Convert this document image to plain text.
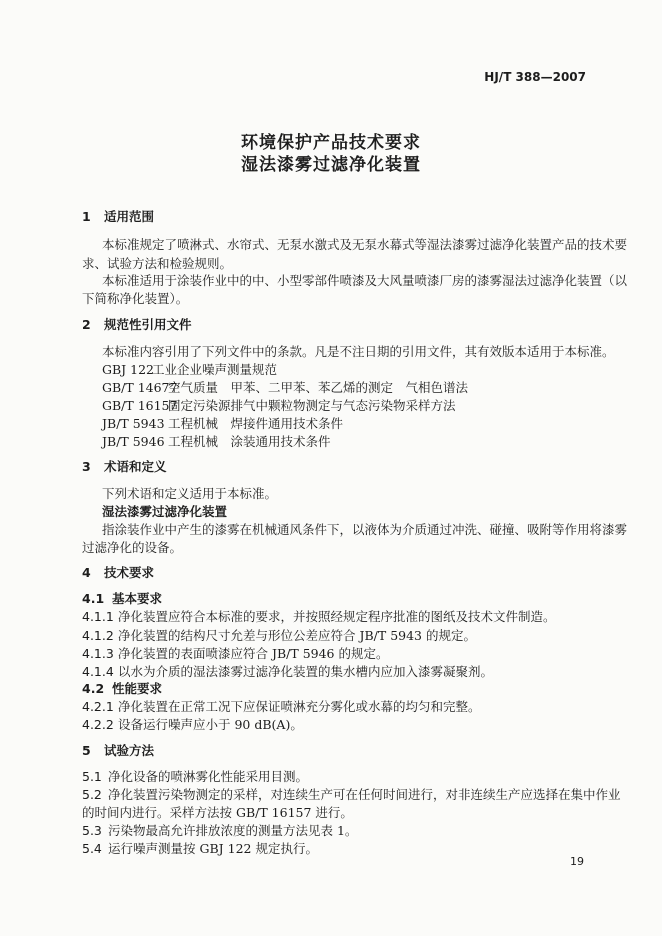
HJ/T 388—2007
环境保护产品技术要求
湿法漆雾过滤净化装置
1 适用范围
本标准规定了喷淋式、水帘式、无泵水激式及无泵水幕式等湿法漆雾过滤净化装置产品的技术要
求、试验方法和检验规则。
本标准适用于涂装作业中的中、小型零部件喷漆及大风量喷漆厂房的漆雾湿法过滤净化装置（以
下简称净化装置）。
2 规范性引用文件
本标准内容引用了下列文件中的条款。凡是不注日期的引用文件，其有效版本适用于本标准。
GBJ 122工业企业噪声测量规范
GB/T 14677空气质量　甲苯、二甲苯、苯乙烯的测定　气相色谱法
GB/T 16157固定污染源排气中颗粒物测定与气态污染物采样方法
JB/T 5943 工程机械　焊接件通用技术条件
JB/T 5946 工程机械　涂装通用技术条件
3 术语和定义
下列术语和定义适用于本标准。
湿法漆雾过滤净化装置
指涂装作业中产生的漆雾在机械通风条件下，以液体为介质通过冲洗、碰撞、吸附等作用将漆雾
过滤净化的设备。
4 技术要求
4.1 基本要求
4.1.1 净化装置应符合本标准的要求，并按照经规定程序批准的图纸及技术文件制造。
4.1.2 净化装置的结构尺寸允差与形位公差应符合 JB/T 5943 的规定。
4.1.3 净化装置的表面喷漆应符合 JB/T 5946 的规定。
4.1.4 以水为介质的湿法漆雾过滤净化装置的集水槽内应加入漆雾凝聚剂。
4.2 性能要求
4.2.1 净化装置在正常工况下应保证喷淋充分雾化或水幕的均匀和完整。
4.2.2 设备运行噪声应小于 90 dB(A)。
5 试验方法
5.1 净化设备的喷淋雾化性能采用目测。
5.2 净化装置污染物测定的采样，对连续生产可在任何时间进行，对非连续生产应选择在集中作业
的时间内进行。采样方法按 GB/T 16157 进行。
5.3 污染物最高允许排放浓度的测量方法见表 1。
5.4 运行噪声测量按 GBJ 122 规定执行。
19
